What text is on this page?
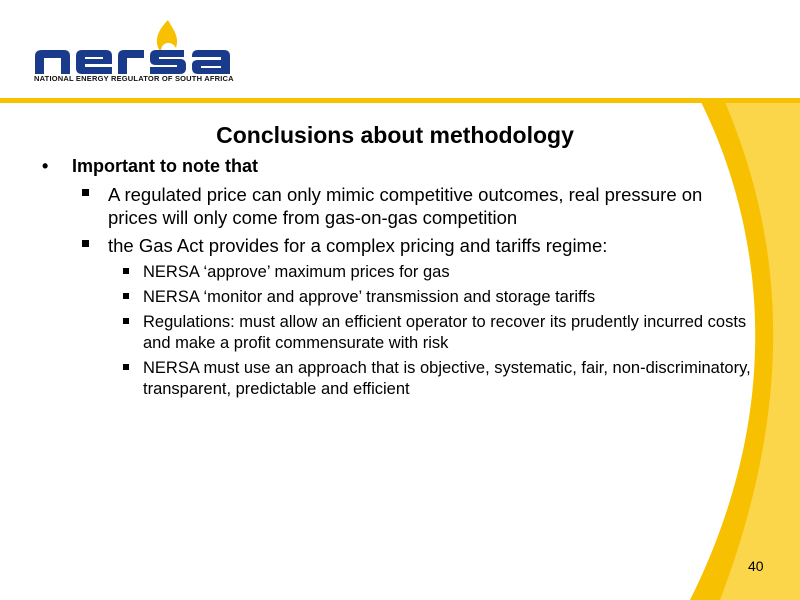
NATIONAL ENERGY REGULATOR OF SOUTH AFRICA
Conclusions about methodology
• Important to note that
A regulated price can only mimic competitive outcomes, real pressure on prices will only come from gas-on-gas competition
the Gas Act provides for a complex pricing and tariffs regime:
NERSA ‘approve’ maximum prices for gas
NERSA ‘monitor and approve’ transmission and storage tariffs
Regulations: must allow an efficient operator to recover its prudently incurred costs and make a profit commensurate with risk
NERSA must use an approach that is objective, systematic, fair, non-discriminatory, transparent, predictable and efficient
40
